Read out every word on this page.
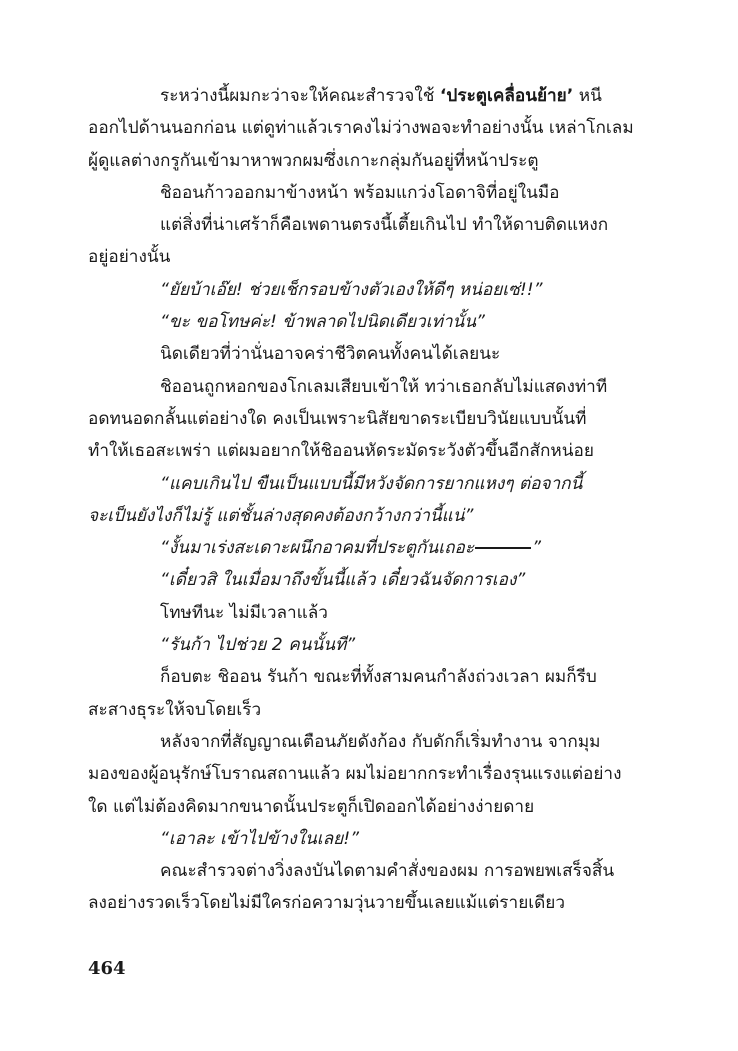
ระหว่างนี้ผมกะว่าจะให้คณะสำรวจใช้ ‘ประตูเคลื่อนย้าย’ หนี
ออกไปด้านนอกก่อน แต่ดูท่าแล้วเราคงไม่ว่างพอจะทำอย่างนั้น เหล่าโกเลม
ผู้ดูแลต่างกรูกันเข้ามาหาพวกผมซึ่งเกาะกลุ่มกันอยู่ที่หน้าประตู
ชิออนก้าวออกมาข้างหน้า พร้อมแกว่งโอดาจิที่อยู่ในมือ
แต่สิ่งที่น่าเศร้าก็คือเพดานตรงนี้เตี้ยเกินไป ทำให้ดาบติดแหงก
อยู่อย่างนั้น
“ยัยบ้าเอ๊ย! ช่วยเช็กรอบข้างตัวเองให้ดีๆ หน่อยเซ่!!”
“ขะ ขอโทษค่ะ! ข้าพลาดไปนิดเดียวเท่านั้น”
นิดเดียวที่ว่านั่นอาจคร่าชีวิตคนทั้งคนได้เลยนะ
ชิออนถูกหอกของโกเลมเสียบเข้าให้ ทว่าเธอกลับไม่แสดงท่าที
อดทนอดกลั้นแต่อย่างใด คงเป็นเพราะนิสัยขาดระเบียบวินัยแบบนั้นที่
ทำให้เธอสะเพร่า แต่ผมอยากให้ชิออนหัดระมัดระวังตัวขึ้นอีกสักหน่อย
“แคบเกินไป ขืนเป็นแบบนี้มีหวังจัดการยากแหงๆ ต่อจากนี้
จะเป็นยังไงก็ไม่รู้ แต่ชั้นล่างสุดคงต้องกว้างกว่านี้แน่”
“งั้นมาเร่งสะเดาะผนึกอาคมที่ประตูกันเถอะ	”
“เดี๋ยวสิ ในเมื่อมาถึงขั้นนี้แล้ว เดี๋ยวฉันจัดการเอง”
โทษทีนะ ไม่มีเวลาแล้ว
“รันก้า ไปช่วย 2 คนนั้นที”
ก็อบตะ ชิออน รันก้า ขณะที่ทั้งสามคนกำลังถ่วงเวลา ผมก็รีบ
สะสางธุระให้จบโดยเร็ว
หลังจากที่สัญญาณเตือนภัยดังก้อง กับดักก็เริ่มทำงาน จากมุม
มองของผู้อนุรักษ์โบราณสถานแล้ว ผมไม่อยากกระทำเรื่องรุนแรงแต่อย่าง
ใด แต่ไม่ต้องคิดมากขนาดนั้นประตูก็เปิดออกได้อย่างง่ายดาย
“เอาละ เข้าไปข้างในเลย!”
คณะสำรวจต่างวิ่งลงบันไดตามคำสั่งของผม การอพยพเสร็จสิ้น
ลงอย่างรวดเร็วโดยไม่มีใครก่อความวุ่นวายขึ้นเลยแม้แต่รายเดียว
464
